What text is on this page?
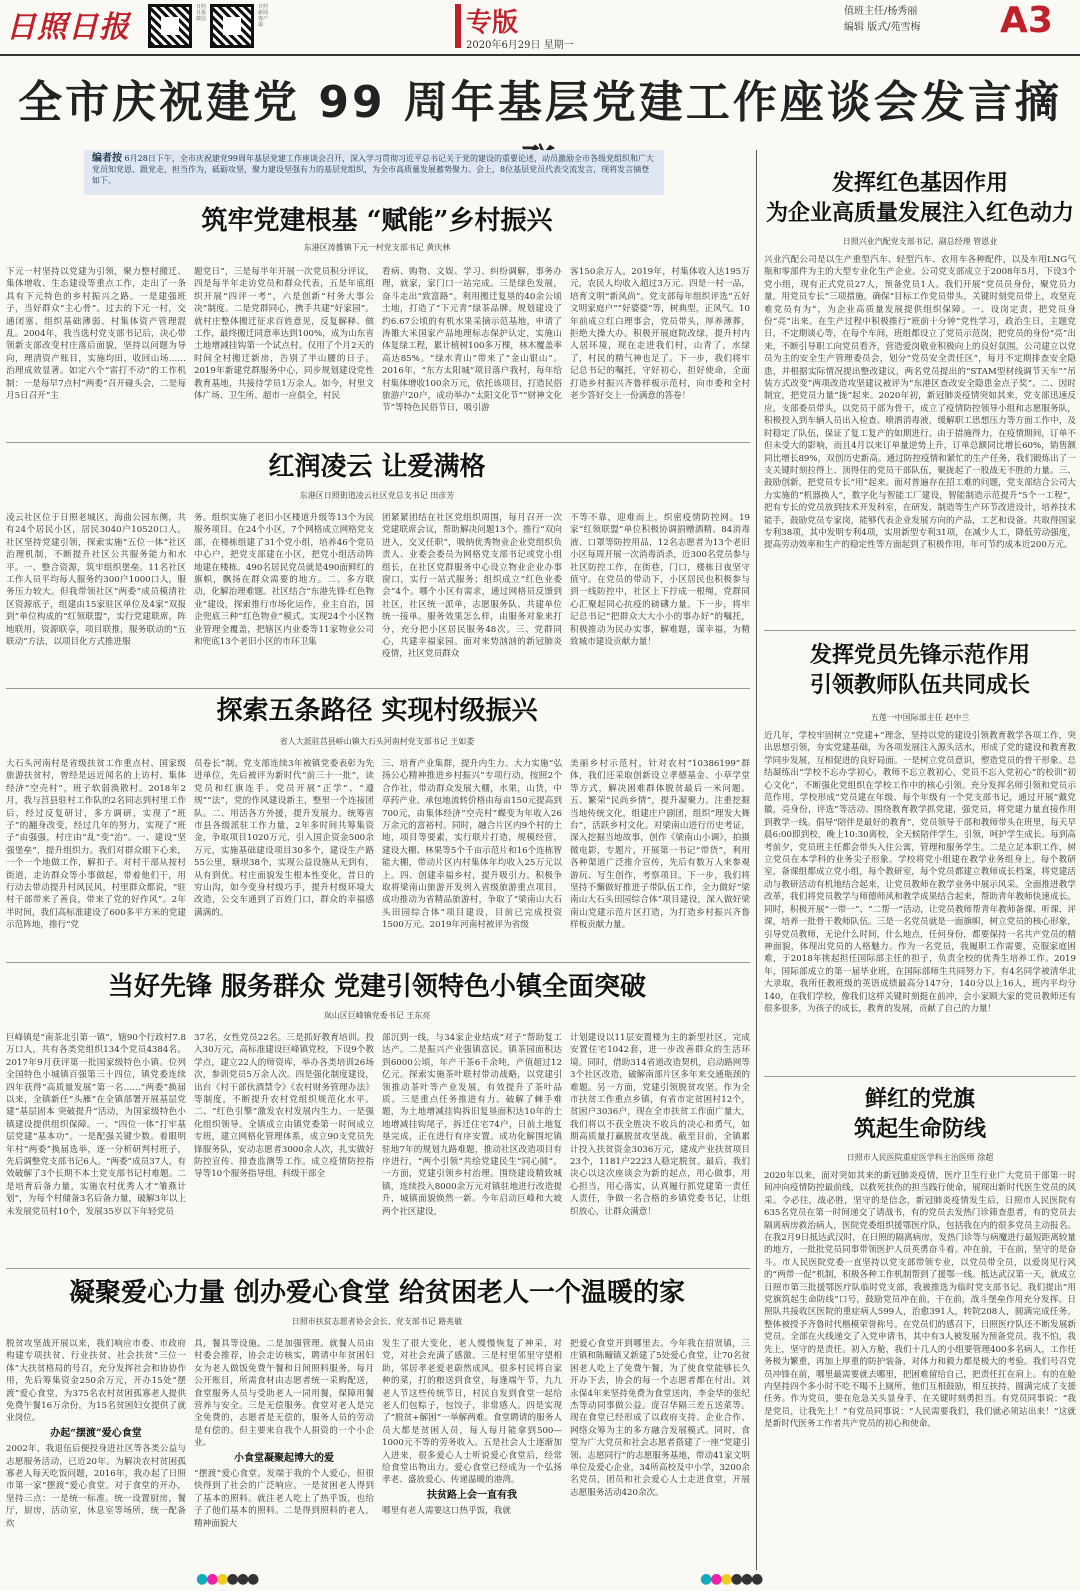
日照日报
日照日报微信
日照新闻客户端	专版
2020年6月29日 星期一
值班主任/杨秀丽
编辑 版式/苑雪梅 A3
全市庆祝建党 99 周年基层党建工作座谈会发言摘
编者按 6月28日下午，全市庆祝建党99周年基层党建工作座谈会召开，深入学习贯彻习近平总书记关于党的建设的重要论述，动员激励全市各级党组织和广大党员知党恩、跟党走，担当作为，砥砺攻坚，聚力建设坚强有力的基层党组织，为全市高质量发展蓄势聚力。会上，8位基层党员代表交流发言，现将发言摘登如下。
筑牢党建根基 “赋能”乡村振兴
东港区涛雒镇下元一村党支部书记 黄庆林
下元一村坚持以党建为引领，聚力整村搬迁、集体增收、生态建设等重点工作，走出了一条具有下元特色的乡村振兴之路。一是建强班子，当好群众“主心骨”。过去的下元一村，交通闭塞、组织基础薄弱、村集体资产管理混乱。2004年，我当选村党支部书记后，决心带领新支部改变村庄落后面貌，坚持以问题为导向，理清资产账目，实施均田，收回山场……治理成效显著。如定六个“雷打不动”的工作机制：一是每早7点村“两委”召开碰头会，二是每月5日召开“主
题党日”，三是每半年开展一次党员积分评议，四是每半年走访党员和群众代表，五是年底组织开展“四评一考”，六是创新“村务大事公决”制度。二是党群同心，携手共建“好家园”。就村庄整体搬迁征求百姓意见，反复解释、做工作，最终搬迁同意率达到100%，成为山东省土地增减挂钩第一个试点村。仅用了个月2天的时间全村搬迁新房，告别了半山腰的日子。2019年新建党群服务中心，同步规划建设党性教育基地，共接待学员1万余人。如今，村里文体广场、卫生所、超市一应俱全，村民
看病、购物、文娱、学习、纠纷调解，事务办理，就家，家门口一站完成。三是绿色发展，奋斗走出“致富路”。利用搬迁复垦的40余公顷土地，打造了“下元青”绿茶品牌。规划建设了约6.67公顷的有机水果采摘示范基地，申请了涛雒大米国家产品地理标志保护认定，实施山体复绿工程，累计植树100多万棵，林木覆盖率高达85%。“绿水青山”带来了“金山银山”。2016年，“东方太阳城”项目落户我村，每年给村集体增收100余万元，依托该项目，打造民俗旅游户20户，成功举办“太阳文化节”“财神文化节”等特色民俗节日，吸引游
客150余万人。2019年，村集体收入达195万元，农民人均收入超过3万元。四是一村一品，培育文明“新风尚”。党支部每年组织评选“五好文明家庭户”“好婆婆”等，树典型，正风气。10年前成立红白理事会，党员带头，厚养薄葬，拒绝大操大办。积极开展庭院改绿，提升村内人居环境，现在走进我们村，山青了，水绿了，村民的精气神也足了。下一步，我们将牢记总书记的嘱托，守好初心，担好使命，全面打造乡村振兴齐鲁样板示范村，向市委和全村老少答好交上一份满意的答卷！
红润凌云 让爱满格
东港区日照街道凌云社区党总支书记 田彦芳
凌云社区位于日照老城区，海曲公园东侧，共有24个居民小区，居民3040户10520口人。社区坚持党建引领，探索实施“五位一体”社区治理机制，不断提升社区公共服务能力和水平。一、整合资源，筑牢组织堡垒。11名社区工作人员平均每人服务约300户1000口人，服务压力较大。但我带领社区“两委”成员模清社区资源底子，组建由15家驻区单位及4家“双报到”单位构成的“红领联盟”，实行党建联席，阵地联用，资源联享，项目联推，服务联动的“五联动”方法，以项目化方式推进服
务。组织实施了老旧小区楼道升级等13个为民服务项目。在24个小区，7个网格成立网格党支部，在楼栋组建了31个党小组，培养46个党员中心户，把党支部建在小区，把党小组活动阵地建在楼栋。490名居民党员就是490面鲜红的旗帜，飘扬在群众需要的地方。二、多方联动，化解治理难题。社区结合“东港先锋·红色物业”建设，探索推行市场化运作，业主自治，国企兜底三种“红色物业”模式。实现24个小区物业管理全覆盖，把辖区内业委等11家物业公司和兜底13个老旧小区的市环卫集
团紧紧团结在社区党组织周围，每月召开一次党建联席会议，帮助解决问题13个。推行“双向进入，交叉任职”，吸纳优秀物业企业党组织负责人、业委会委员为网格党支部书记或党小组组长，在社区党群服务中心设立物业企业办事窗口，实行一站式服务；组织成立“红色业委会”4个。哪个小区有需求，通过网格员反馈到社区，社区统一派单，志愿服务队、共建单位统一接单。服务效果怎么样，由服务对象来打分，充分把小区居民服务48次。三、党群同心，共建幸福家园。面对来势汹汹的新冠肺炎疫情，社区党员群众
不等不靠，迎难而上，织密疫情防控网。19家“红领联盟”单位积极协调捐赠酒精、84消毒液、口罩等防控用品，12名志愿者为13个老旧小区每周开展一次消毒消杀，近300名党员参与社区防控工作，在街巷，门口，楼栋日夜坚守值守。在党员的带动下，小区居民也积极参与到一线防控中，社区上下拧成一根绳，党群同心汇聚起同心抗疫的磅礴力量。下一步，将牢记总书记“把群众大大小小的事办好”的嘱托，积极推动为民办实事，解难题，谋幸福，为精致城市建设贡献力量！
探索五条路径 实现村级振兴
省人大派驻莒县峤山镇大石头河南村党支部书记 王如娄
大石头河南村是省级扶贫工作重点村、国家级旅游扶贫村，曾经是远近闻名的上访村、集体经济“空壳村”，班子软弱涣散村。2018年2月，我与莒县驻村工作队的2名同志到村里工作后，经过反复研讨，多方调研，实现了“班子”的翻身改变，经过几年的努力，实现了“班子”由强强，村庄由“乱”变“治”。一、建设“坚强堡垒”，提升组织力。我们对群众眼下心来，一个一个地做工作，解扣子。对村干部从按村街道，走访群众等小事做起，带着他们干，用行动去带动提升村风民风，村里群众都说，“驻村干部带来了善良，带来了党的好作风”。2年半时间，我们高标准建设了600多平方米的党建示范阵地，推行“党
员卷长”制。党支部连续3年被镇党委表彰为先进单位，先后被评为新时代“前三十一批”，读党员和红旗连手、党员开展“正学”、“遵规”“法”，党的作风建设新主，整里一个连接团队。二、用活各方外援，提升发展力。统筹省市县各级派驻工作力量，2年多时间共筹集资金，争取项目1020万元，引入国企资金500余万元，实施基础建设项目30多个，建设生产路55公里，塘坝38个，实现公益设施从无到有，从有到优。村庄面貌发生根本性变化，昔日的穷山沟，如今变身村级巧手，提升村级环境大改造，公交车通到了百姓门口，群众的幸福感满满的。
三、培育产业集群，提升内生力。大力实施“弘扬公心精神推进乡村振兴”专项行动，按照2个合作社，带动群众发展大棚，水果，山货，中草药产业。承包地流转价格由每亩150元提高到700元，由集体经济“空壳村”蝶变为年收入26万余元的富裕村。同时，融合片区内9个村的土地，项目等要素，实行联片打造，规模经营，建设大棚、林果等5个千亩示范片和16个连栋智能大棚，带动片区内村集体年均收入25万元以上。四、创建幸福乡村，提升吸引力。积极争取将梁南山旅游开发列入省级旅游重点项目，成功推动为省精品旅游村，争取了“梁南山大石头田园综合体”项目建设，目前已完成投资1500万元。2019年河南村被评为省级
美丽乡村示范村，针对农村“10386199”群体，我们还采取创新设立孝德基金、小草学堂等方式，解决困难群体脱贫最后一米问题。五、繁荣“民尚乡情”，提升凝聚力。注重挖掘当地传统文化，组建庄户剧团，组织“理发大舞台”，活跃乡村文化。对梁南山进行历史考证，深入挖掘当地故事，创作《梁南山小调》，拍摄微电影，专题片，开展第一书记“带货”，利用各种渠道广泛推介宣传，先后有数万人来参观游玩、写生创作，考察项目。下一步，我们将坚持不懈做好推进子带队伍工作，全力做好“梁南山大石头田园综合体”项目建设，深入做好梁南山党建示范片区打造，为打造乡村振兴齐鲁样板贡献力量。
当好先锋 服务群众 党建引领特色小镇全面突破
岚山区巨峰镇党委书记 王东亮
巨峰镇是“南茶北引第一镇”，辖90个行政村7.8万口人，共有各类党组织134个党员4384名。2017年9月获评第一批国家级特色小镇。位列全国特色小城镇百强第三十四位，镇党委连续四年获得“高质量发展”第一名……“两委”换届以来，全镇新任“头雁”在全镇部署开展基层党建“基层固本 突破提升”活动，为国家级特色小镇建设提供组织保障。一、“四位一体”打牢基层党建“基本功”。一是配强关键少数。着眼明年村“两委”换届选举，逐一分析研判村班子，先后调整党支部书记6人。“两委”成员37人，有效破解了3个长期不本土党支部书记村难题。二是培育后备力量，实施农村优秀人才“雏燕计划”，为每个村储备3名后备力量，破解3年以上未发展党员村10个，发展35岁以下年轻党员
37名，女性党员22名。三是抓好教育培训。投入30万元，高标准建设巨峰镇党校，下设9个教学点，建立22人的师资库，举办各类培训26场次，参训党员5万余人次。四是强化制度建设，出台《村干部伙酒禁令》《农村财务管理办法》等制度，不断提升农村党组织规范化水平。二、“红色引擎”激发农村发展内生力。一是强化组织领导。全镇成立由镇党委第一时间成立专班，建立网格化管理体系，成立90支党员先锋服务队，安动志愿者3000余人次，扎实做好防控宣传、排查监测等工作。成立疫情防控指导等10个服务指导组，科级干部全
部沉到一线，与34家企业结成“对子”帮助复工达产。二是振兴产业强镇富民。镇茶园面积达到6000公顷，年产干茶6千余吨，产值超过12亿元。探索实施茶叶联村带动战略，以党建引领推动茶叶等产业发展，有效提升了茶叶品质。三是重点任务推进有力。破解了棘手难题，为土地增减挂钩拆旧复垦面积达10年的土地增减挂钩尾子，拆迁住宅74户，日前土地复垦完成，正在进行有序安置。成功化解围坨镇驻地7年的规划九路难题，推动社区改造项目有序进行，“两个引领”共绘党建民生“同心圆”。一方面，党建引领乡村治理。围绕建设精致城镇，连续投入8000余万元对镇驻地进行改造提升，城镇面貌焕然一新。今年启动巨峰和大坡两个社区建设，
计划建设以11层安置楼为主的新型社区，完成安置住宅1042套，进一步改善群众的生活环境。同时，借助314省道改造契机，启动路网等3个社区改造，破解南部片区多年来交通瓶颈的难题。另一方面，党建引领脱贫攻坚。作为全市扶贫工作重点乡镇，有省市定贫困村12个，贫困户3036户，现在全市扶贫工作面广量大，我们将以不获全胜决不收兵的决心和勇气，如期高质量打赢脱贫攻坚战。截至目前，全镇累计投入扶贫资金3036万元，建成产业扶贫项目23个，1181户2223人稳定脱贫。最后，我们决心以这次座谈会为新的起点，用心做事，用心担当，用心落实，认真履行抓党建第一责任人责任，争做一名合格的乡镇党委书记，让组织放心，让群众满意！
凝聚爱心力量 创办爱心食堂 给贫困老人一个温暖的家
日照市扶贫志愿者协会会长、党支部书记 路兆敏
脱贫攻坚战开展以来，我们响应市委、市政府构建专项扶贫、行业扶贫、社会扶贫“三位一体”大扶贫格局的号召，充分发挥社会和协协作用，先后筹集资金250余万元，开办15处“摆渡”爱心食堂，为375名农村贫困孤寡老人提供免费午餐16万余份，为15名贫困妇女提供了就业岗位。
办起“摆渡”爱心食堂
2002年，我退伍后便投身进社区等各类公益与志愿服务活动，已近20年。为解决农村贫困孤寡老人每天吃饭问题，2016年，我办起了日照市第一家“摆渡”爱心食堂。对于食堂的开办，坚持三点：一是统一标准。统一设置厨房，餐厅，厨房，活动室，休息室等场所，统一配备炊
具，餐具等设施。二是加强管理。就餐人员由村委会推荐，协会走访核实，聘请中年贫困妇女为老人做饭免费午餐和日间照料服务，每月公开账目，所需食材由志愿者统一采购配送，食堂服务人员与受助老人一同用餐，保障用餐营养与安全。三是无偿服务。食堂对老人是完全免费的，志愿者是无偿的，服务人员的劳动是有偿的。但主要来自我个人捐资的一个小企业。
小食堂凝聚起博大的爱
“摆渡”爱心食堂，发端于我的个人爱心，但很快得到了社会的广泛响应。一是贫困老人得到了基本的照料。就注老人吃上了热乎饭，也给子了他们基本的照料。二是得到照料的老人，精神面貌大
发生了很大变化，老人慢慢恢复了神采，对党，对社会充满了感激。三是村里邻里守望相助，邻居孝老爱老蔚然成风。很多村民将自家种的菜，打的粮送到食堂，每逢端午节，九九老人节这些传统节日，村民自发到食堂一起给老人们包粽子，包饺子，非常感人。四是实现了“脱贫+解困”一举解两难。食堂聘请的服务人员大都是贫困人员，每人每月能拿到500—1000元不等的劳务收入。五是社会人士逐渐加入进来，很多爱心人士听说爱心食堂后，经常给食堂出物出力。爱心食堂已经成为一个弘扬孝老、盛放爱心、传递温暖的港湾。
扶贫路上会一直有我
哪里有老人需要这口热乎饭，我就
把爱心食堂开到哪里去。今年我在招贤镇，三庄镇和陈疃镇又新建了5处爱心食堂，让70名贫困老人吃上了免费午餐，为了使食堂能够长久开办下去，协会的每一个志愿者都在付出。刘永保4年来坚持免费为食堂送肉，李金华的张纪杰等动同事做公益。庞召华隔三差五送菜等。现在食堂已经形成了以政府支持、企业合作、网络众筹为主的多方融合发展模式。同时，食堂为广大党员和社会志愿者搭建了一座“党建引领、志愿同行”的志愿服务基地，带动41家文明单位及爱心企业，34所高校及中小学，3200余名党员，团员和社会爱心人士走进食堂，开展志愿服务活动420余次。
发挥红色基因作用
为企业高质量发展注入红色动力
日照兴业汽配党支部书记、副总经理 管恩业
兴业汽配公司是以生产重型汽车、轻型汽车、农用车各种配件，以及车用LNG气瓶和零部件为主的大型专业化生产企业。公司党支部成立于2008年5月，下设3个党小组，现有正式党员27人，预备党员1人。我们开展“党员员身份，聚党员力量，用党员专长”三项措施，确保“目标工作党员带头，关键时刻党员带上，攻坚克难党员有为”，为企业高质量发展提供组织保障。一、设岗定责，把党员身份“亮”出来。在生产过程中积极推行“班前十分钟”党性学习，政治生日，主题党日，不定期谈心等，在每个车间，班组都设立了党员示范岗，把党员的身份“亮”出来，不断引导职工向党员看齐，营造爱岗敬业积极向上的良好氛围。公司建立以党员为主的安全生产管理委员会，划分“党员安全责任区”，每月不定期排查安全隐患，并根据实际情况提出整改建议，两名党员提出的“STAM型材线调节天车”“吊装方式改变”两项改造攻坚建议被评为“东港区查改安全隐患金点子奖”。二、因时制宜，把党员力量“拢”起来。2020年初，新冠肺炎疫情突如其来，党支部迅速反应，支部委员带头，以党员干部为骨干，成立了疫情防控领导小组和志愿服务队，积极投入到车辆人员出入检查、喷洒消毒液，缓解职工思想压力等方面工作中，及时稳定了队伍，保证了复工复产的如期进行。由于措施得力，在疫情期间，订单不但未受大的影响，而且4月以来订单量逆势上升，订单总额同比增长60%，销售额同比增长89%，双创历史新高。通过防控疫情和紧忙的生产任务，我们锻炼出了一支关键时刻拉得上、顶得住的党员干部队伍，聚拢起了一股战无不胜的力量。三、鼓励创新，把党员专长“用”起来。面对普遍存在招工难的问题，党支部结合公司大力实施的“机器换人”，数字化与智能工厂建设，智能制造示范提升“5个一工程”，把有专长的党员放到技术开发科室，在研发、制造等生产环节改进设计，培养技术能手，鼓励党员专家岗，能够代表企业发展方向的产品，工艺和设备。共取得国家专利38项，其中发明专利4项，实用新型专利31项，在减少人工，降低劳动强度，提高劳动效率和生产的稳定性等方面起到了积极作用，年可节约成本近200万元。
发挥党员先锋示范作用
引领教师队伍共同成长
五莲一中国际部主任 赵中兰
近几年，学校牢固树立“党建+”理念，坚持以党的建设引领教育教学各项工作，突出思想引领，夯实党建基础，为各项发展注入源头活水，形成了党的建设和教育教学同步发展，互相促进的良好局面。一是树立党员意识，塑造党员的骨干形象。总结凝练出“学校不忘办学初心，教师不忘立教初心，党员不忘入党初心”的校训“初心文化”，不断强化党组织在学校工作中的核心引领。充分发挥名师引领和党员示范作用，学校形成“党员建在年级、每个年级有一个党支部书记，通过开展“戴党徽，亮身份，评选”等活动、围绕教育教学抓党建，强党员，将党建力量直接作用到教学一线。倡导“陪伴是最好的教育”，党员领导干部和教师带头在班里，每天早晨6:00即到校，晚上10:30离校，全天候陪伴学生，引领，呵护学生成长。每到高考前夕，党员班主任都会带头入住公寓，管理和服务学生。二是立足本职工作，树立党员在本学科的业务尖子形象。学校将党小组建在教学业务组身上，每个教研室，备课组都成立党小组，每个教研室，每个党员都建立教师成长档案，将党建活动与教研活动有机地结合起来，让党员教师在教学业务中展示风采。全面推进教学改革，我们将党员教学与师德师风和教学成果结合起来，帮助青年教师快速成长。同时，积极开展“一带一”、“二帮一”活动，让党员教师帮青年教师备课、听课、评课，培养一批骨干教师队伍。三是一名党员就是一面旗帜，树立党员的核心形象，引导党员教师，无论什么时间，什么地点，任何身份，都要保持一名共产党员的精神面貌，体现出党员的人格魅力。作为一名党员，我履职工作需要，克服家庭困难，于2018年挑起担任国际部主任的担子，负责全校的优秀生培养工作。2019年，国际部成立的第一届毕业班，在国际部师生共同努力下，有4名同学被清华北大录取，我所任教班级的英语成绩最高分147分，140分以上16人，班内平均分140，在我们学校，像我们这样关键时刻挺在前冲，会小家顾大家的党员教师还有很多很多，为孩子的成长，教育的发展，贡献了自己的力量！
鲜红的党旗
筑起生命防线
日照市人民医院重症医学科主治医师 徐超
2020年以来，面对突如其来的新冠肺炎疫情，医疗卫生行业广大党员干部第一时间冲向疫情防控最前线，以救死扶伤的担当践行使命，展现出新时代医生党员的风采。令必往，战必胜，坚守的是信念，新冠肺炎疫情发生后，日照市人民医院有635名党员在第一时间递交了请战书，有的党员去发热门诊筛查患者，有的党员去隔离病房救治病人，医院党委组织援鄂医疗队，包括我在内的很多党员主动报名。在我2月9日抵达武汉时，在日照的隔离病房，发热门诊等与病魔进行最短距离较量的地方，一批批党员同事带领医护人员英勇奋斗着。冲在前，干在前，坚守的是奋斗。市人民医院党委一直坚持以党支部带领专业，以党员带全员，以爱岗见行风的“两带一促”机制，积极各种工作机制帮到了援鄂一线。抵达武汉第一天，就成立日照市第三批援鄂医疗队临时党支部，我被推选为临时党支部书记。我们提出“用党旗筑起生命防线”口号，鼓励党员冲在前，干在前，战斗堡垒作用充分发挥。日照队共接收区医院的重症病人599人，治愈391人，转院208人，圆满完成任务。整体被授予齐鲁时代楷模荣誉称号。在党员们的感召下，日照医疗队还不断发展新党员。全部在火线递交了入党申请书，其中有3人被发展为预备党员。我不怕，我先上，坚守的是责任。初入方舱，我们十几人的小组要管理400多名病人，工作任务极为繁重，再加上厚重的防护装备，对体力和毅力都是极大的考验。我们号召党员冲锋在前，哪里最需要就去哪里，把困难留给自己，把责任扛在肩上。有的在舱内坚持四个多小时不吃不喝不上厕所，他们互相鼓励，相互扶持，圆满完成了支援任务。作为党员，要在危急关头显身手，在关键时刻勇担当。有党员同事说：“我是党员，让我先上！”有党员同事说：“人民需要我们，我们就必须站出来！”这就是新时代医务工作者共产党员的初心和使命。
●●●●●●	●●●●●●
